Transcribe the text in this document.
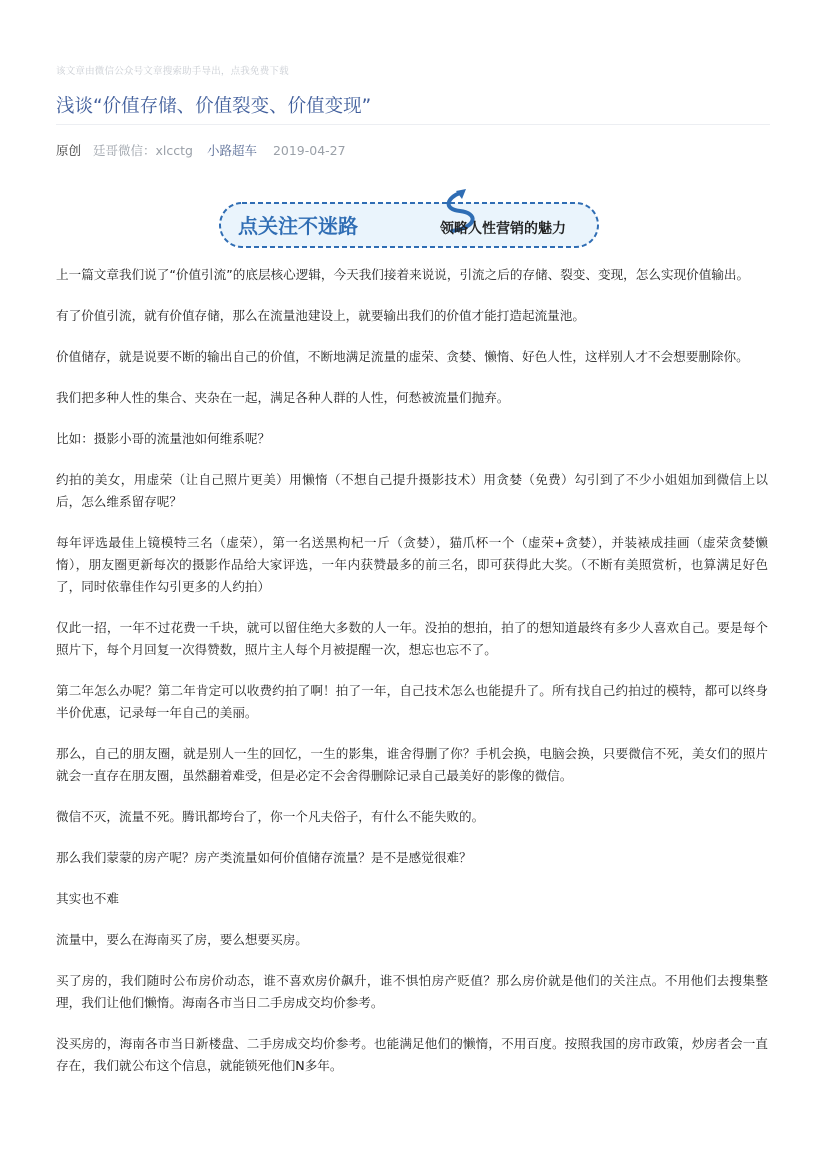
该文章由微信公众号文章搜索助手导出，点我免费下载
浅谈“价值存储、价值裂变、价值变现”
原创 廷哥微信：xlcctg 小路超车 2019-04-27
点关注不迷路	领略人性营销的魅力

上一篇文章我们说了“价值引流”的底层核心逻辑，今天我们接着来说说，引流之后的存储、裂变、变现，怎么实现价值输出。

有了价值引流，就有价值存储，那么在流量池建设上，就要输出我们的价值才能打造起流量池。

价值储存，就是说要不断的输出自己的价值，不断地满足流量的虚荣、贪婪、懒惰、好色人性，这样别人才不会想要删除你。

我们把多种人性的集合、夹杂在一起，满足各种人群的人性，何愁被流量们抛弃。

比如：摄影小哥的流量池如何维系呢？

约拍的美女，用虚荣（让自己照片更美）用懒惰（不想自己提升摄影技术）用贪婪（免费）勾引到了不少小姐姐加到微信上以后，怎么维系留存呢？

每年评选最佳上镜模特三名（虚荣），第一名送黑枸杞一斤（贪婪），猫爪杯一个（虚荣+贪婪），并装裱成挂画（虚荣贪婪懒惰），朋友圈更新每次的摄影作品给大家评选，一年内获赞最多的前三名，即可获得此大奖。（不断有美照赏析，也算满足好色了，同时依靠佳作勾引更多的人约拍）

仅此一招，一年不过花费一千块，就可以留住绝大多数的人一年。没拍的想拍，拍了的想知道最终有多少人喜欢自己。要是每个照片下，每个月回复一次得赞数，照片主人每个月被提醒一次，想忘也忘不了。

第二年怎么办呢？第二年肯定可以收费约拍了啊！拍了一年，自己技术怎么也能提升了。所有找自己约拍过的模特，都可以终身半价优惠，记录每一年自己的美丽。

那么，自己的朋友圈，就是别人一生的回忆，一生的影集，谁舍得删了你？手机会换，电脑会换，只要微信不死，美女们的照片就会一直存在朋友圈，虽然翻着难受，但是必定不会舍得删除记录自己最美好的影像的微信。

微信不灭，流量不死。腾讯都垮台了，你一个凡夫俗子，有什么不能失败的。

那么我们蒙蒙的房产呢？房产类流量如何价值储存流量？是不是感觉很难？

其实也不难

流量中，要么在海南买了房，要么想要买房。

买了房的，我们随时公布房价动态，谁不喜欢房价飙升，谁不惧怕房产贬值？那么房价就是他们的关注点。不用他们去搜集整理，我们让他们懒惰。海南各市当日二手房成交均价参考。

没买房的，海南各市当日新楼盘、二手房成交均价参考。也能满足他们的懒惰，不用百度。按照我国的房市政策，炒房者会一直存在，我们就公布这个信息，就能锁死他们N多年。
